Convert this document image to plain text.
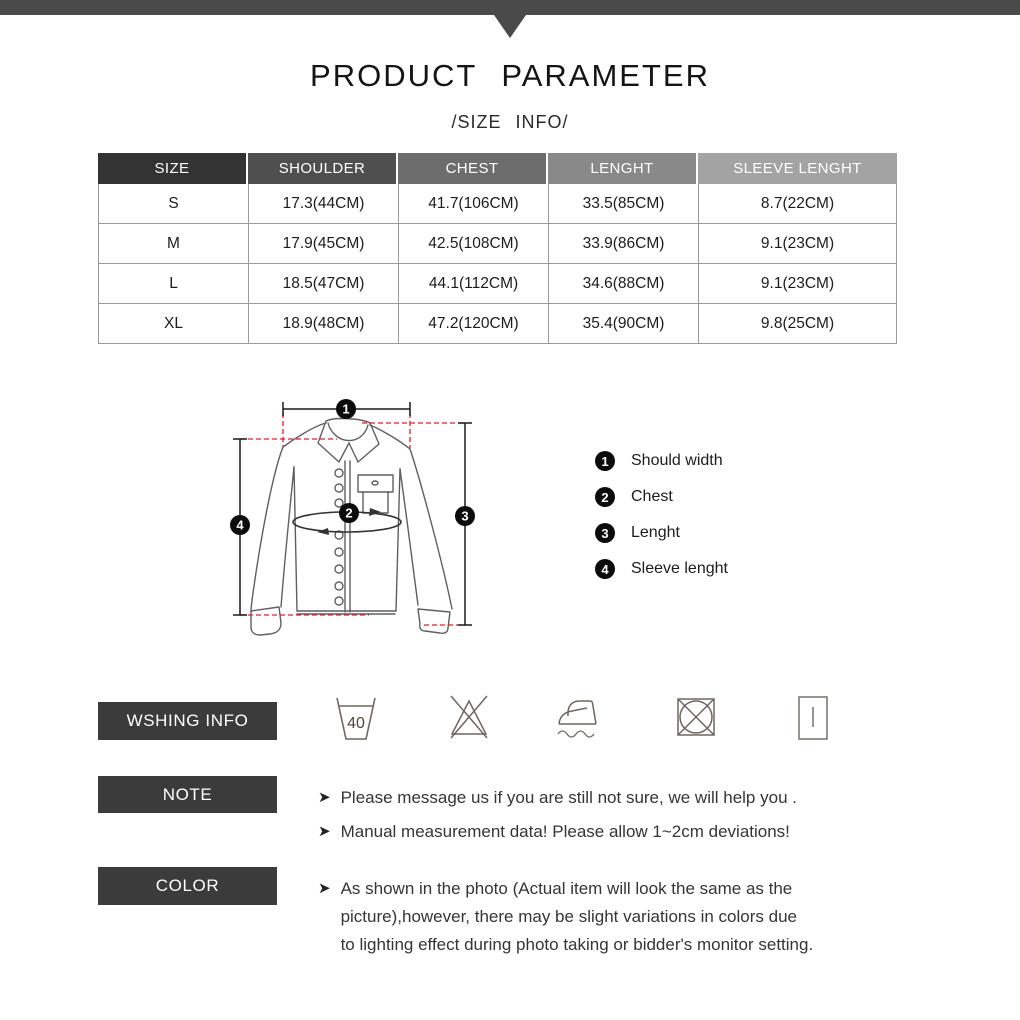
PRODUCT PARAMETER
/SIZE INFO/
SIZE	SHOULDER	CHEST	LENGHT	SLEEVE LENGHT
S	17.3(44CM)	41.7(106CM)	33.5(85CM)	8.7(22CM)
M	17.9(45CM)	42.5(108CM)	33.9(86CM)	9.1(23CM)
L	18.5(47CM)	44.1(112CM)	34.6(88CM)	9.1(23CM)
XL	18.9(48CM)	47.2(120CM)	35.4(90CM)	9.8(25CM)
1
2	3
4
1	Should width
2	Chest
3	Lenght
4	Sleeve lenght
WSHING INFO	40
NOTE	➤ Please message us if you are still not sure, we will help you .
➤ Manual measurement data! Please allow 1~2cm deviations!
COLOR	➤ As shown in the photo (Actual item will look the same as the
picture),however, there may be slight variations in colors due
to lighting effect during photo taking or bidder's monitor setting.
